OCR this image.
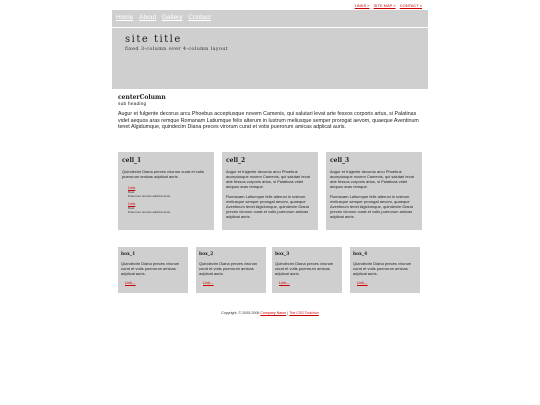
LINKS » SITE MAP » CONTACT »
Home About Gallery Contact
site title
fixed 3-column over 4-column layout
centerColumn
sub heading

Augur et fulgente decorus arcu Phoebus acceptusque novem Camenis, qui salutari levat arte fessos corporis artus, si Palatinas videt aequos aras remque Romanam Latiumque felix alterum in lustrum meliusque semper prorogat aevom, quaeque Aventinum tenet Algidumque, quindecim Diana preces virorum curat et votis puerorum amicas adplicat auris.

cell_1

Quindecim Diana preces virorum curat et votis puerorum amicas adplicat auris.

Link
Date
Puerorum amicas adplicat auris.
Link
Date
Puerorum amicas adplicat auris.
cell_2

Augur et fulgente decorus arcu Phoebus acceptusque novem Camenis, qui salutari levat arte fessos corporis artus, si Palatinas videt aequos aras remque.

Romanam Latiumque felix alterum in lustrum meliusque semper prorogat aevom, quaeque Aventinum tenet Algidumque, quindecim Diana preces virorum curat et votis puerorum amicas adplicat auris.

cell_3

Augur et fulgente decorus arcu Phoebus acceptusque novem Camenis, qui salutari levat arte fessos corporis artus, si Palatinas videt aequos aras remque.

Romanam Latiumque felix alterum in lustrum meliusque semper prorogat aevom, quaeque Aventinum tenet Algidumque, quindecim Diana preces virorum curat et votis puerorum amicas adplicat auris.

box_1

Quindecim Diana preces virorum curat et votis puerorum amicas adplicat auris.

Link...
box_2

Quindecim Diana preces virorum curat et votis puerorum amicas adplicat auris.

Link...
box_3

Quindecim Diana preces virorum curat et votis puerorum amicas adplicat auris.

Link...
box_4

Quindecim Diana preces virorum curat et votis puerorum amicas adplicat auris.

Link...
Copyright, © 2005-2006 Company Name | The CSS Toolchox
